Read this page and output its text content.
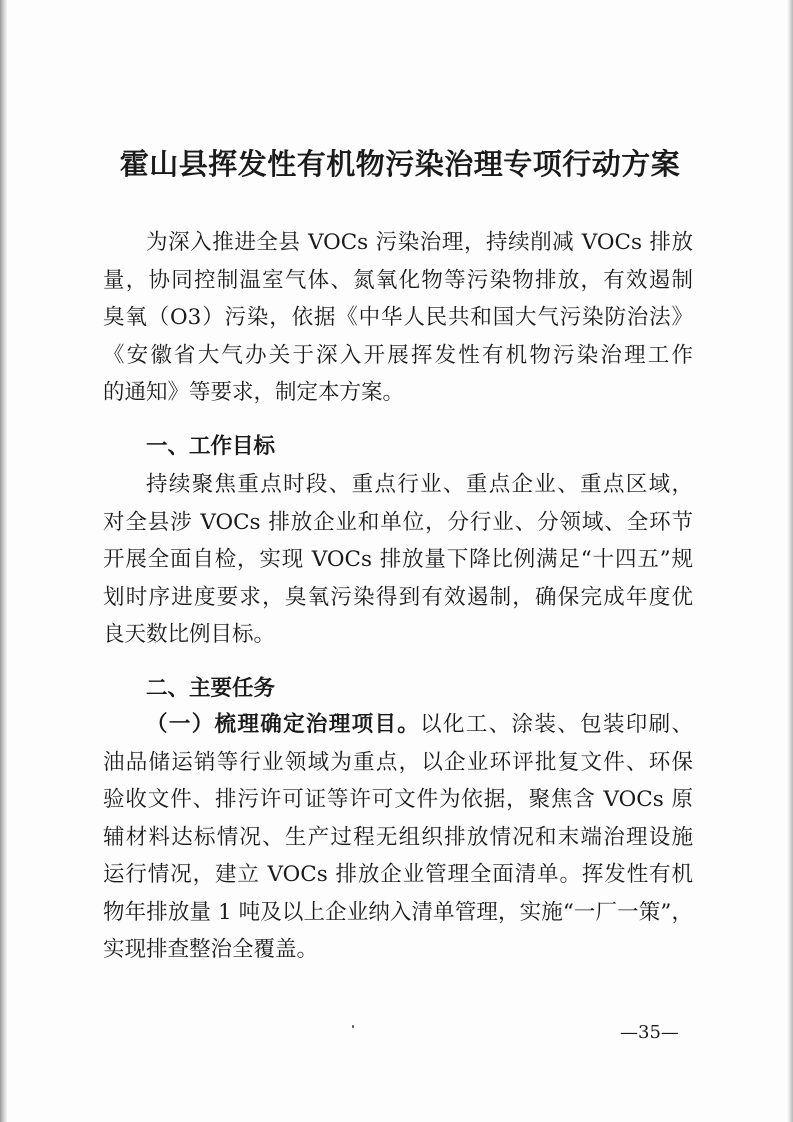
霍山县挥发性有机物污染治理专项行动方案
为深入推进全县 VOCs 污染治理，持续削减 VOCs 排放
量，协同控制温室气体、氮氧化物等污染物排放，有效遏制
臭氧（O3）污染，依据《中华人民共和国大气污染防治法》
《安徽省大气办关于深入开展挥发性有机物污染治理工作
的通知》等要求，制定本方案。
一、工作目标
持续聚焦重点时段、重点行业、重点企业、重点区域，
对全县涉 VOCs 排放企业和单位，分行业、分领域、全环节
开展全面自检，实现 VOCs 排放量下降比例满足“十四五”规
划时序进度要求，臭氧污染得到有效遏制，确保完成年度优
良天数比例目标。
二、主要任务
（一）梳理确定治理项目。以化工、涂装、包装印刷、
油品储运销等行业领域为重点，以企业环评批复文件、环保
验收文件、排污许可证等许可文件为依据，聚焦含 VOCs 原
辅材料达标情况、生产过程无组织排放情况和末端治理设施
运行情况，建立 VOCs 排放企业管理全面清单。挥发性有机
物年排放量 1 吨及以上企业纳入清单管理，实施“一厂一策”，
实现排查整治全覆盖。
—35—
